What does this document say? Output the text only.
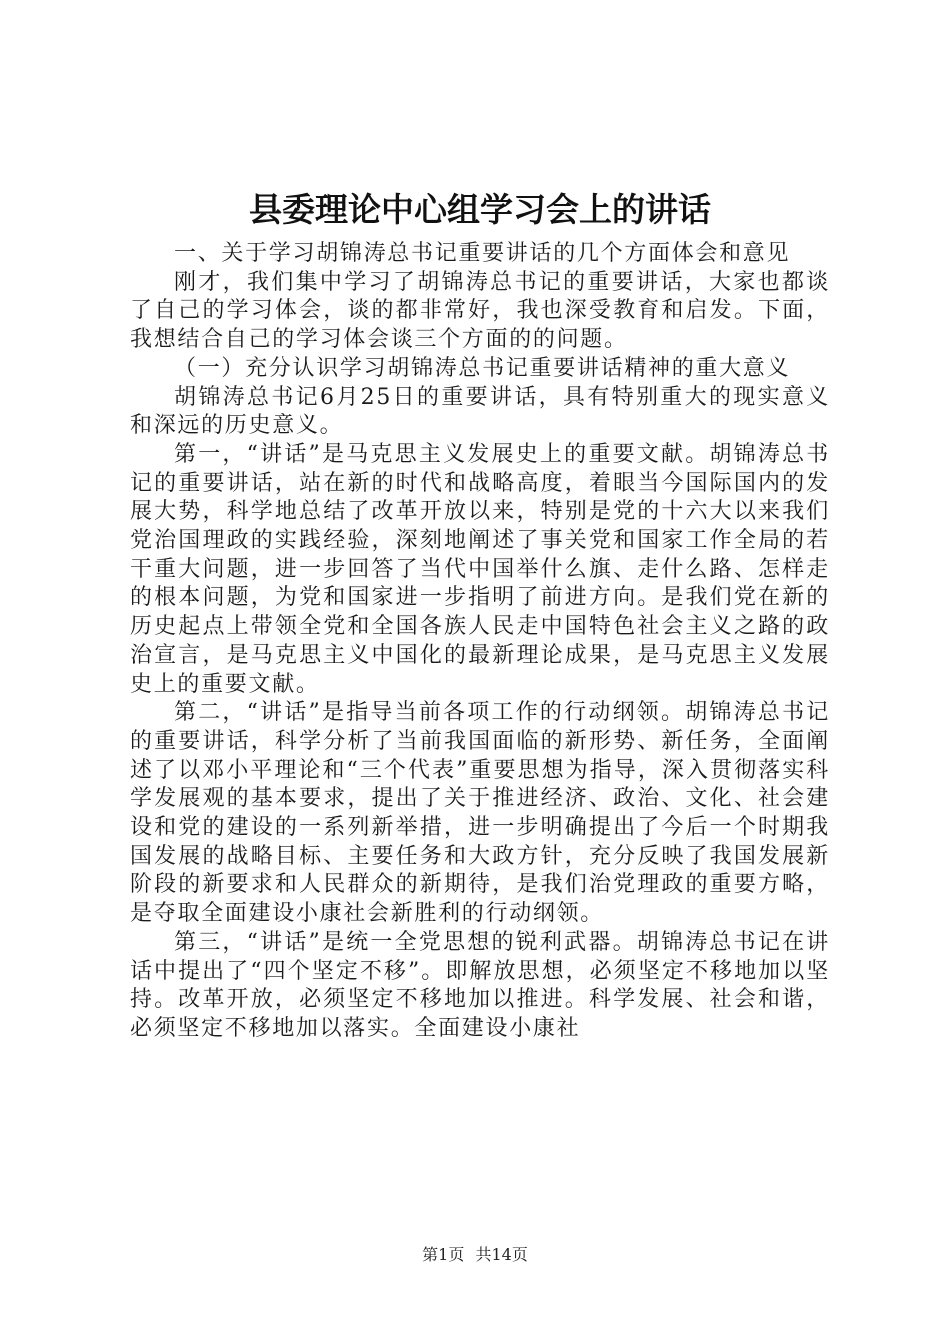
县委理论中心组学习会上的讲话

一、关于学习胡锦涛总书记重要讲话的几个方面体会和意见

刚才，我们集中学习了胡锦涛总书记的重要讲话，大家也都谈了自己的学习体会，谈的都非常好，我也深受教育和启发。下面，我想结合自己的学习体会谈三个方面的的问题。

（一）充分认识学习胡锦涛总书记重要讲话精神的重大意义

胡锦涛总书记6月25日的重要讲话，具有特别重大的现实意义和深远的历史意义。

第一，“讲话”是马克思主义发展史上的重要文献。胡锦涛总书记的重要讲话，站在新的时代和战略高度，着眼当今国际国内的发展大势，科学地总结了改革开放以来，特别是党的十六大以来我们党治国理政的实践经验，深刻地阐述了事关党和国家工作全局的若干重大问题，进一步回答了当代中国举什么旗、走什么路、怎样走的根本问题，为党和国家进一步指明了前进方向。是我们党在新的历史起点上带领全党和全国各族人民走中国特色社会主义之路的政治宣言，是马克思主义中国化的最新理论成果，是马克思主义发展史上的重要文献。

第二，“讲话”是指导当前各项工作的行动纲领。胡锦涛总书记的重要讲话，科学分析了当前我国面临的新形势、新任务，全面阐述了以邓小平理论和“三个代表”重要思想为指导，深入贯彻落实科学发展观的基本要求，提出了关于推进经济、政治、文化、社会建设和党的建设的一系列新举措，进一步明确提出了今后一个时期我国发展的战略目标、主要任务和大政方针，充分反映了我国发展新阶段的新要求和人民群众的新期待，是我们治党理政的重要方略，是夺取全面建设小康社会新胜利的行动纲领。

第三，“讲话”是统一全党思想的锐利武器。胡锦涛总书记在讲话中提出了“四个坚定不移”。即解放思想，必须坚定不移地加以坚持。改革开放，必须坚定不移地加以推进。科学发展、社会和谐，必须坚定不移地加以落实。全面建设小康社

第1页 共14页
